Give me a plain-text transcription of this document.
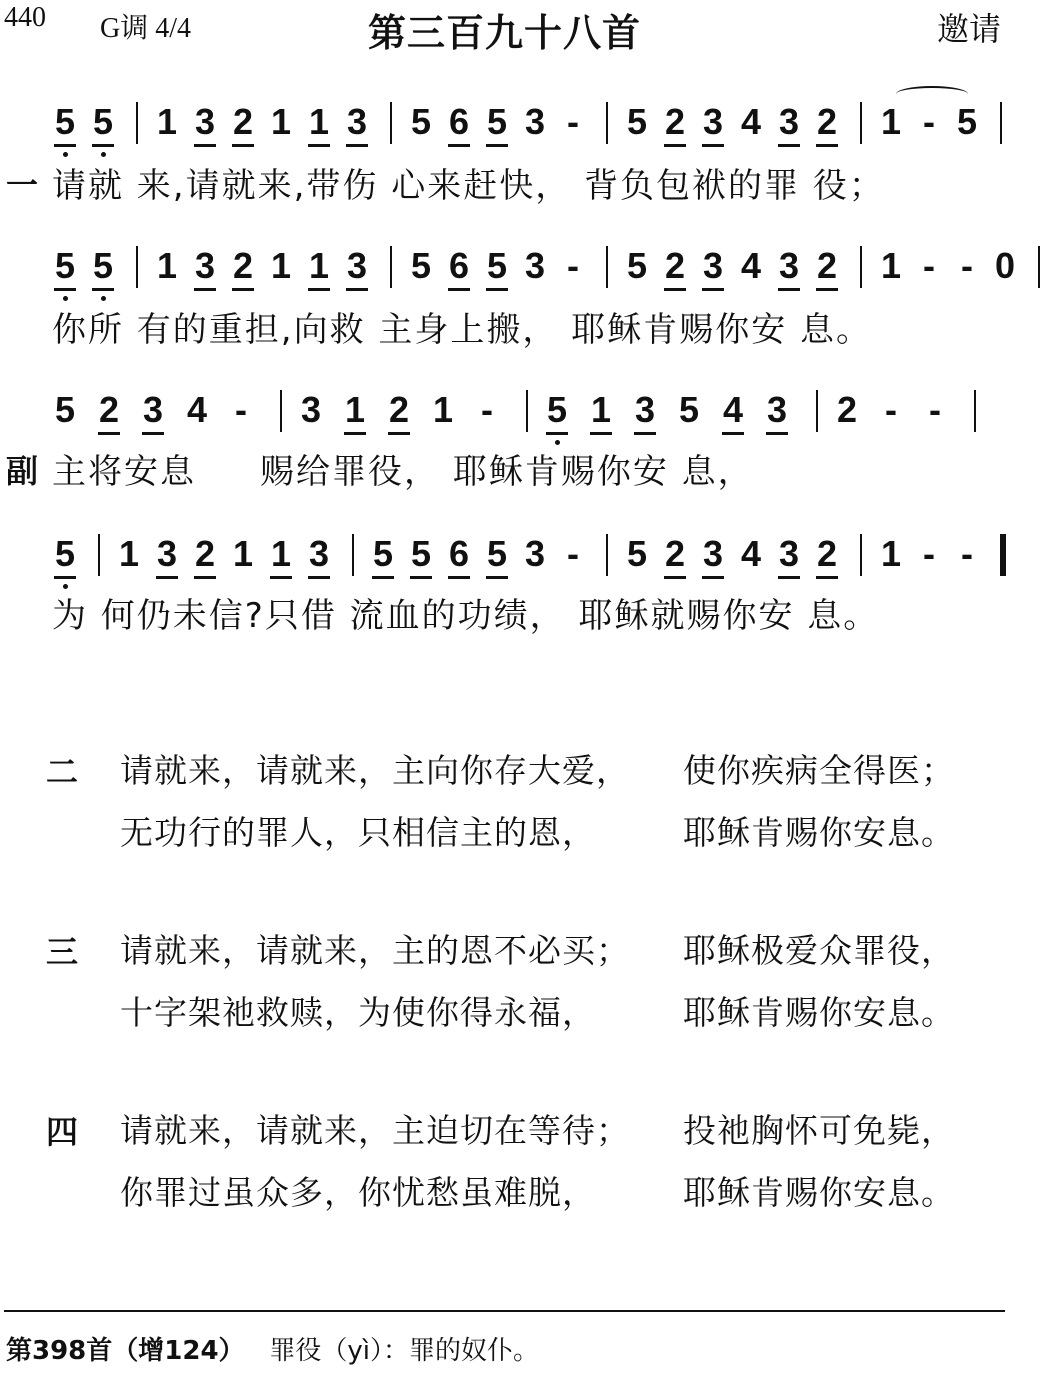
440 G调 4/4	第三百九十八首	邀请
5 5 1 3 2 1 1 3 5 6 5 3 - 5 2 3 4 3 2 1 - 5
5 5 1 3 2 1 1 3 5 6 5 3 - 5 2 3 4 3 2 1 - - 0
5 2 3 4 - 3 1 2 1 - 5 1 3 5 4 3 2 - -
5 1 3 2 1 1 3 5 5 6 5 3 - 5 2 3 4 3 2 1 - -
一 请就 来,请就来,带伤 心来赶快， 背负包袱的罪 役；
你所 有的重担,向救 主身上搬， 耶稣肯赐你安 息。
副 主将安息     赐给罪役， 耶稣肯赐你安 息，
为 何仍未信?只借 流血的功绩， 耶稣就赐你安 息。
二 请就来，请就来，主向你存大爱， 使你疾病全得医；
无功行的罪人，只相信主的恩，	耶稣肯赐你安息。
三 请就来，请就来，主的恩不必买； 耶稣极爱众罪役，
十字架祂救赎，为使你得永福，	耶稣肯赐你安息。
四 请就来，请就来，主迫切在等待； 投祂胸怀可免毙，
你罪过虽众多，你忧愁虽难脱，	耶稣肯赐你安息。
第398首（增124） 罪役（yì）：罪的奴仆。
